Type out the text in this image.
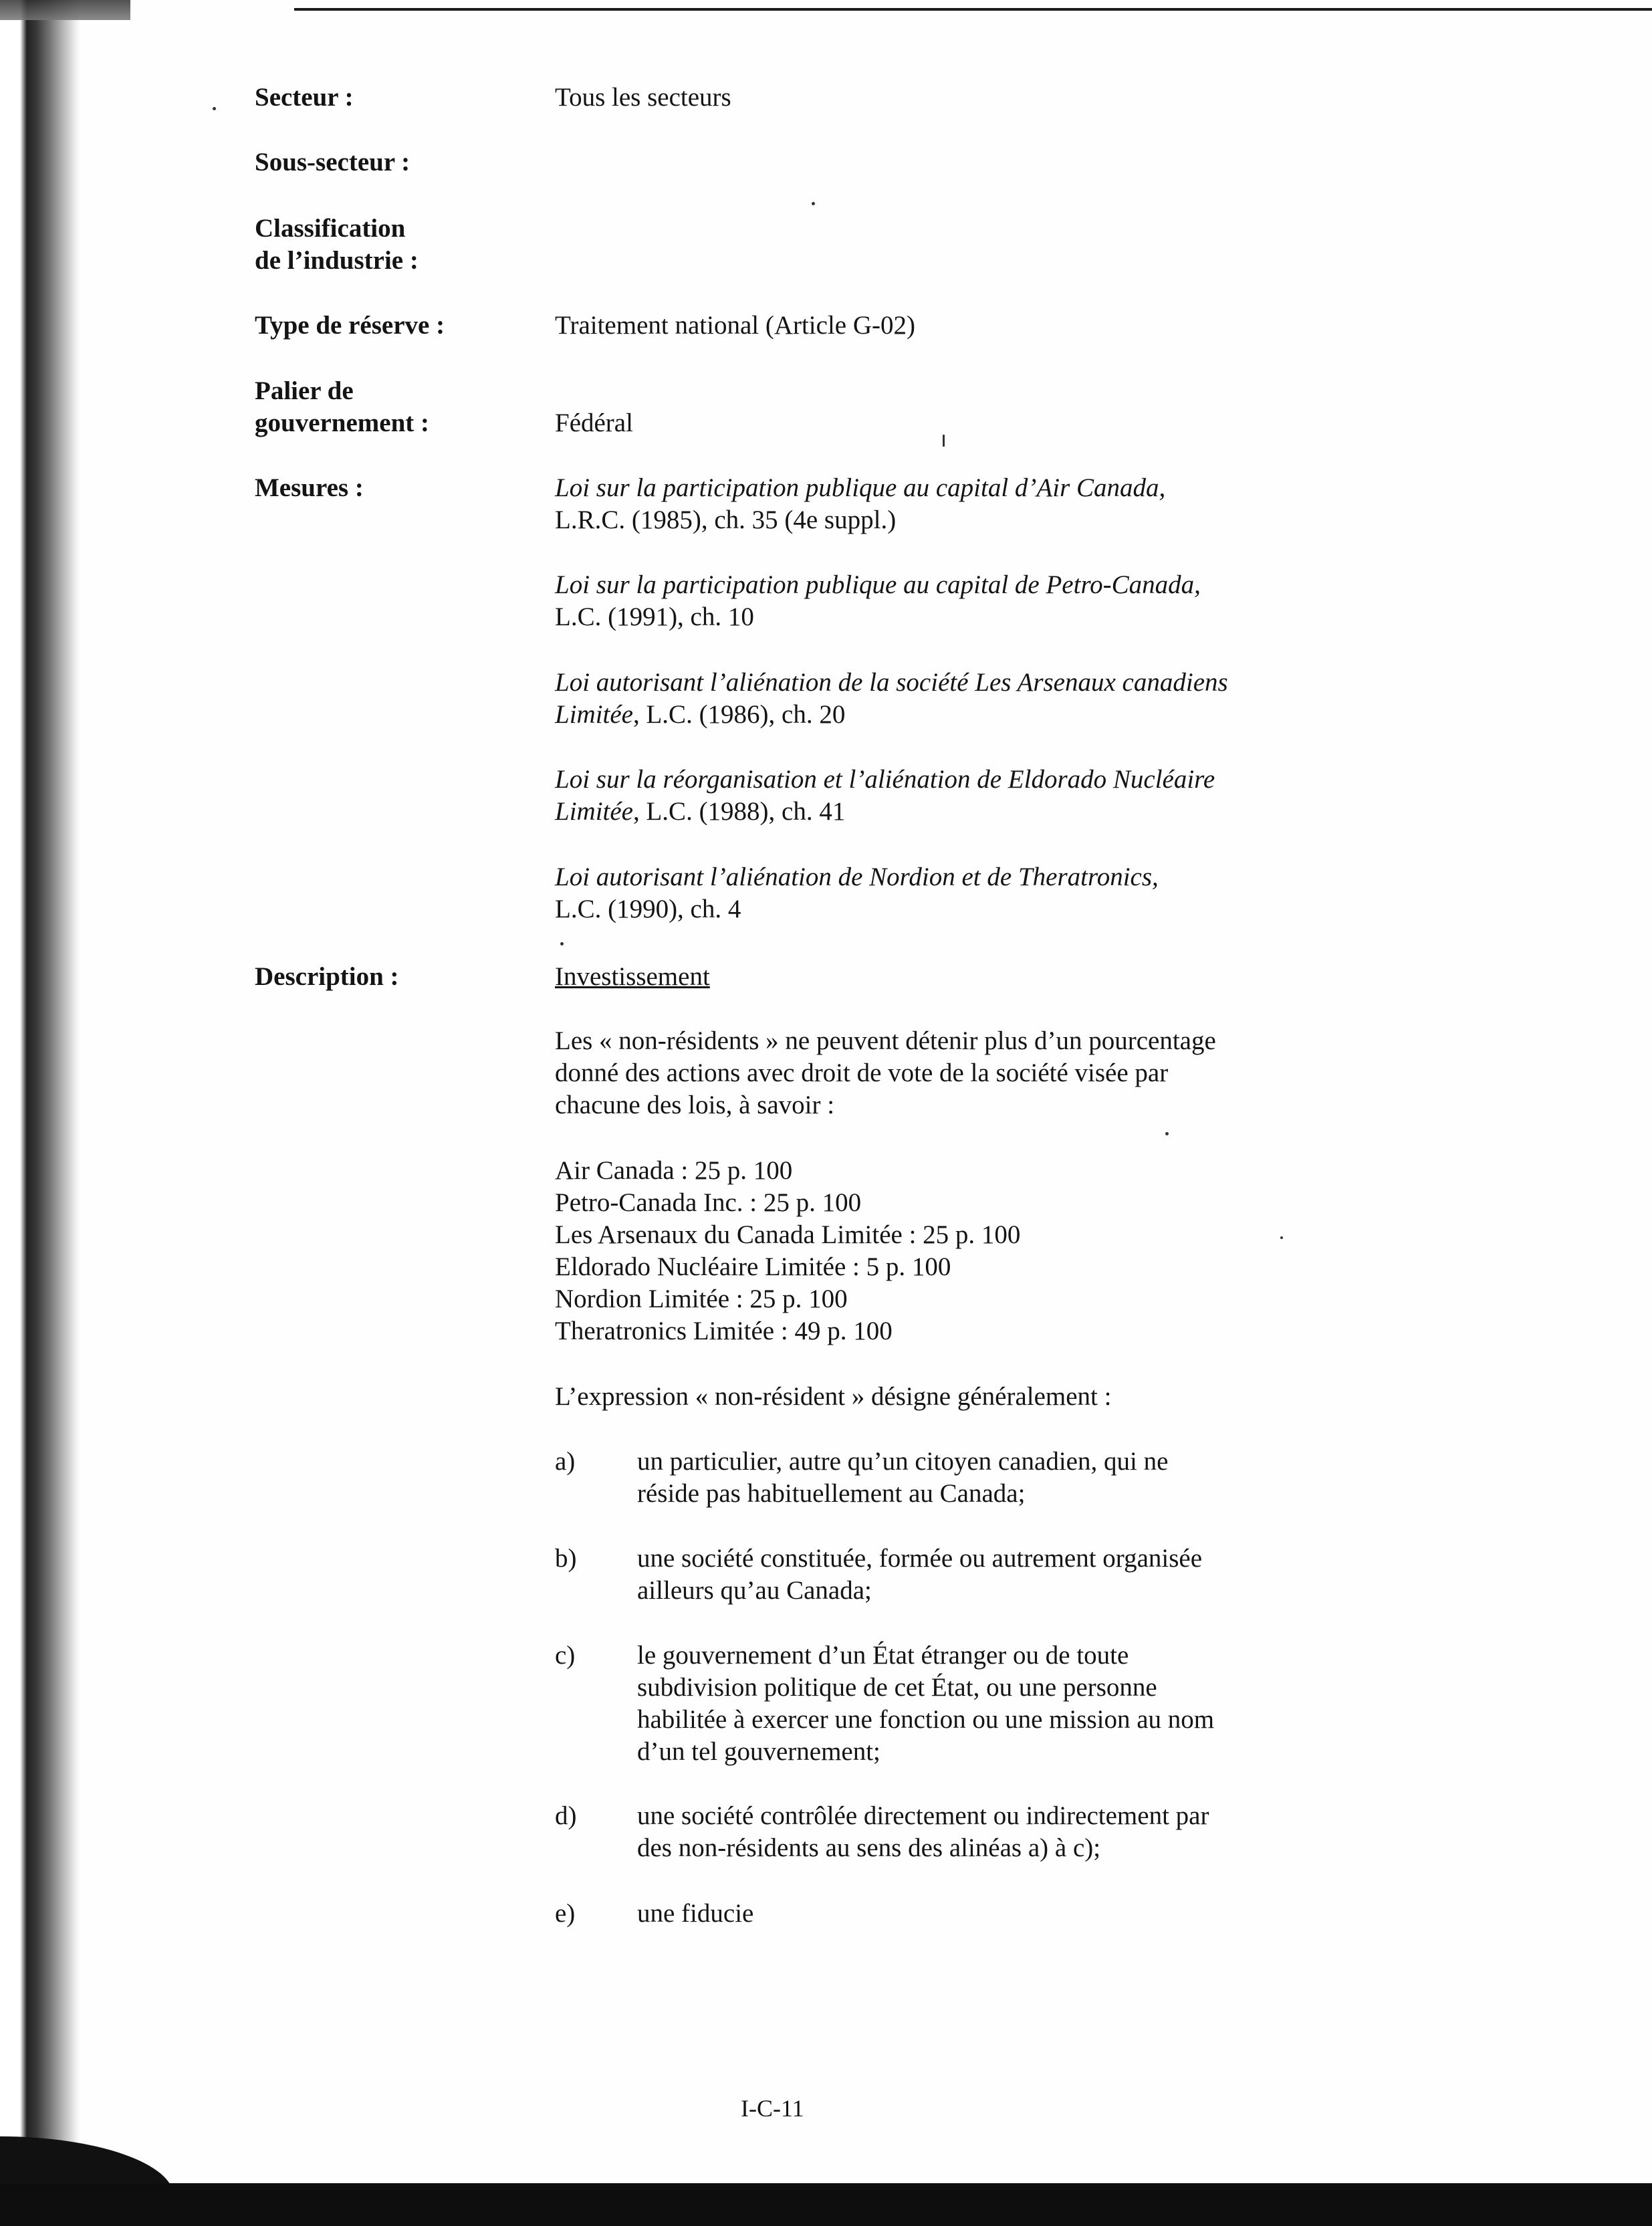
Secteur :
Sous-secteur :
Classification
de l’industrie :
Type de réserve :
Palier de
gouvernement :
Mesures :
Description :
Tous les secteurs
Traitement national (Article G-02)
Fédéral
Loi sur la participation publique au capital d’Air Canada,
L.R.C. (1985), ch. 35 (4e suppl.)
Loi sur la participation publique au capital de Petro-Canada,
L.C. (1991), ch. 10
Loi autorisant l’aliénation de la société Les Arsenaux canadiens
Limitée, L.C. (1986), ch. 20
Loi sur la réorganisation et l’aliénation de Eldorado Nucléaire
Limitée, L.C. (1988), ch. 41
Loi autorisant l’aliénation de Nordion et de Theratronics,
L.C. (1990), ch. 4
Investissement
Les « non-résidents » ne peuvent détenir plus d’un pourcentage
donné des actions avec droit de vote de la société visée par
chacune des lois, à savoir :
Air Canada : 25 p. 100
Petro-Canada Inc. : 25 p. 100
Les Arsenaux du Canada Limitée : 25 p. 100
Eldorado Nucléaire Limitée : 5 p. 100
Nordion Limitée : 25 p. 100
Theratronics Limitée : 49 p. 100
L’expression « non-résident » désigne généralement :
a) un particulier, autre qu’un citoyen canadien, qui ne
réside pas habituellement au Canada;
b) une société constituée, formée ou autrement organisée
ailleurs qu’au Canada;
c) le gouvernement d’un État étranger ou de toute
subdivision politique de cet État, ou une personne
habilitée à exercer une fonction ou une mission au nom
d’un tel gouvernement;
d) une société contrôlée directement ou indirectement par
des non-résidents au sens des alinéas a) à c);
e) une fiducie
I-C-11
